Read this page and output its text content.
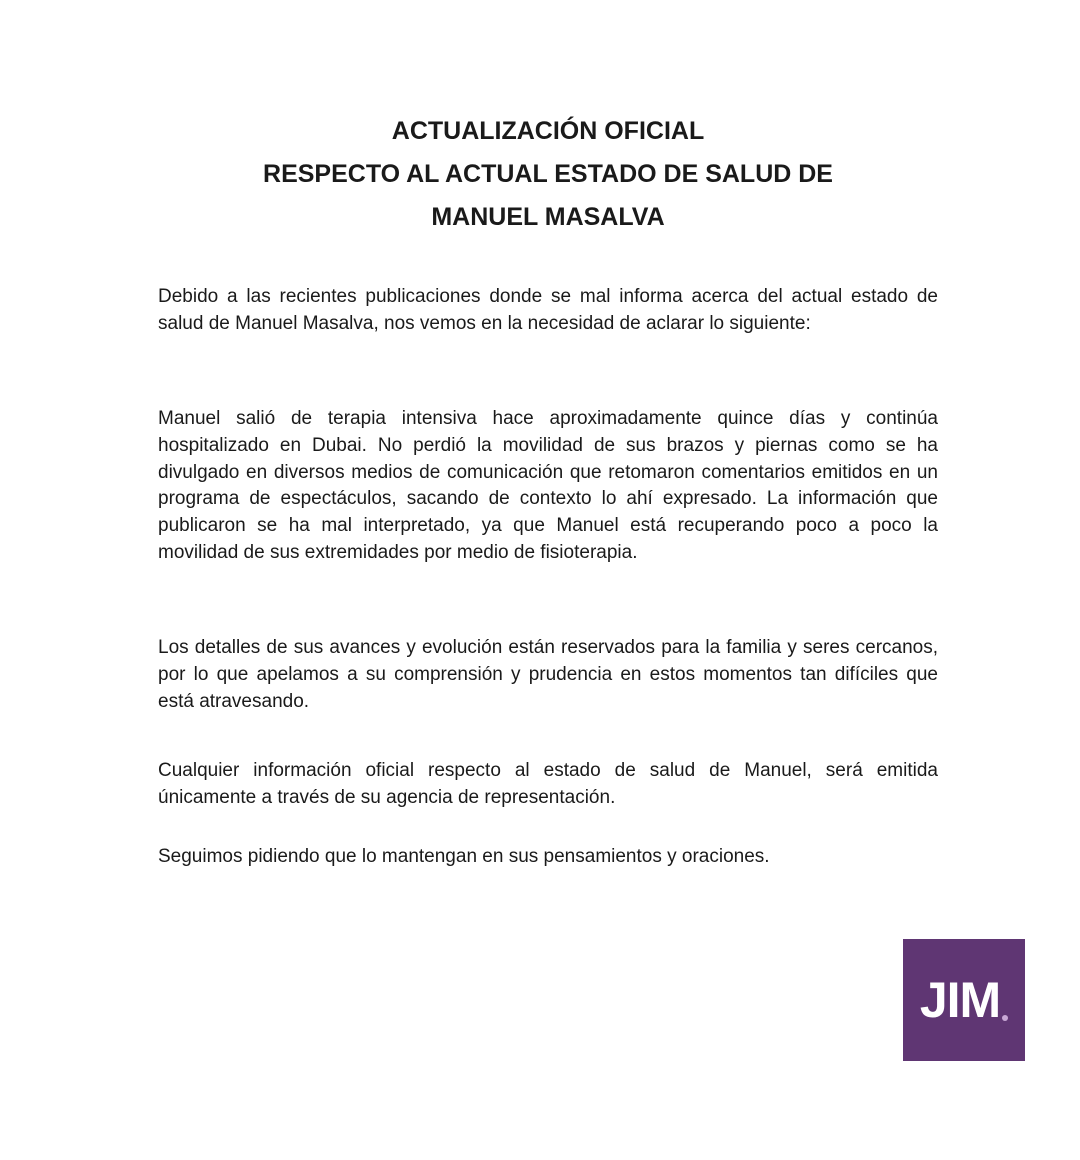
ACTUALIZACIÓN OFICIAL
RESPECTO AL ACTUAL ESTADO DE SALUD DE
MANUEL MASALVA

Debido a las recientes publicaciones donde se mal informa acerca del actual estado de salud de Manuel Masalva, nos vemos en la necesidad de aclarar lo siguiente:

Manuel salió de terapia intensiva hace aproximadamente quince días y continúa hospitalizado en Dubai. No perdió la movilidad de sus brazos y piernas como se ha divulgado en diversos medios de comunicación que retomaron comentarios emitidos en un programa de espectáculos, sacando de contexto lo ahí expresado. La información que publicaron se ha mal interpretado, ya que Manuel está recuperando poco a poco la movilidad de sus extremidades por medio de fisioterapia.

Los detalles de sus avances y evolución están reservados para la familia y seres cercanos, por lo que apelamos a su comprensión y prudencia en estos momentos tan difíciles que está atravesando.

Cualquier información oficial respecto al estado de salud de Manuel, será emitida únicamente a través de su agencia de representación.

Seguimos pidiendo que lo mantengan en sus pensamientos y oraciones.

JIM
